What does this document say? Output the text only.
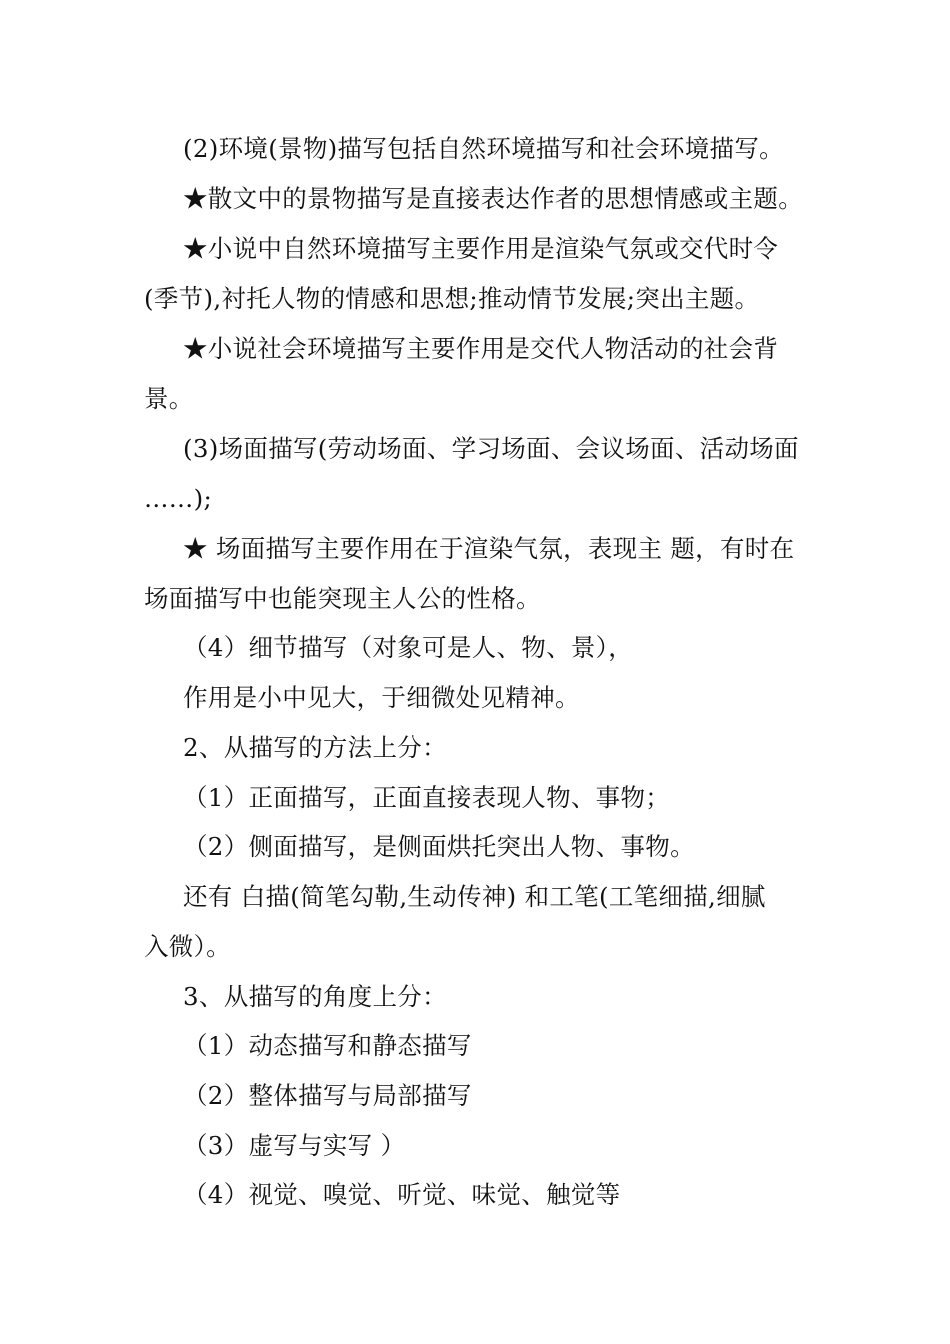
(2)环境(景物)描写包括自然环境描写和社会环境描写。
★散文中的景物描写是直接表达作者的思想情感或主题。
★小说中自然环境描写主要作用是渲染气氛或交代时令
(季节),衬托人物的情感和思想;推动情节发展;突出主题。
★小说社会环境描写主要作用是交代人物活动的社会背
景。
(3)场面描写(劳动场面、学习场面、会议场面、活动场面
……);
★ 场面描写主要作用在于渲染气氛，表现主 题，有时在
场面描写中也能突现主人公的性格。
（4）细节描写（对象可是人、物、景），
作用是小中见大，于细微处见精神。
2、从描写的方法上分：
（1）正面描写，正面直接表现人物、事物；
（2）侧面描写，是侧面烘托突出人物、事物。
还有 白描(简笔勾勒,生动传神) 和工笔(工笔细描,细腻
入微）。
3、从描写的角度上分：
（1）动态描写和静态描写
（2）整体描写与局部描写
（3）虚写与实写 ）
（4）视觉、嗅觉、听觉、味觉、触觉等
